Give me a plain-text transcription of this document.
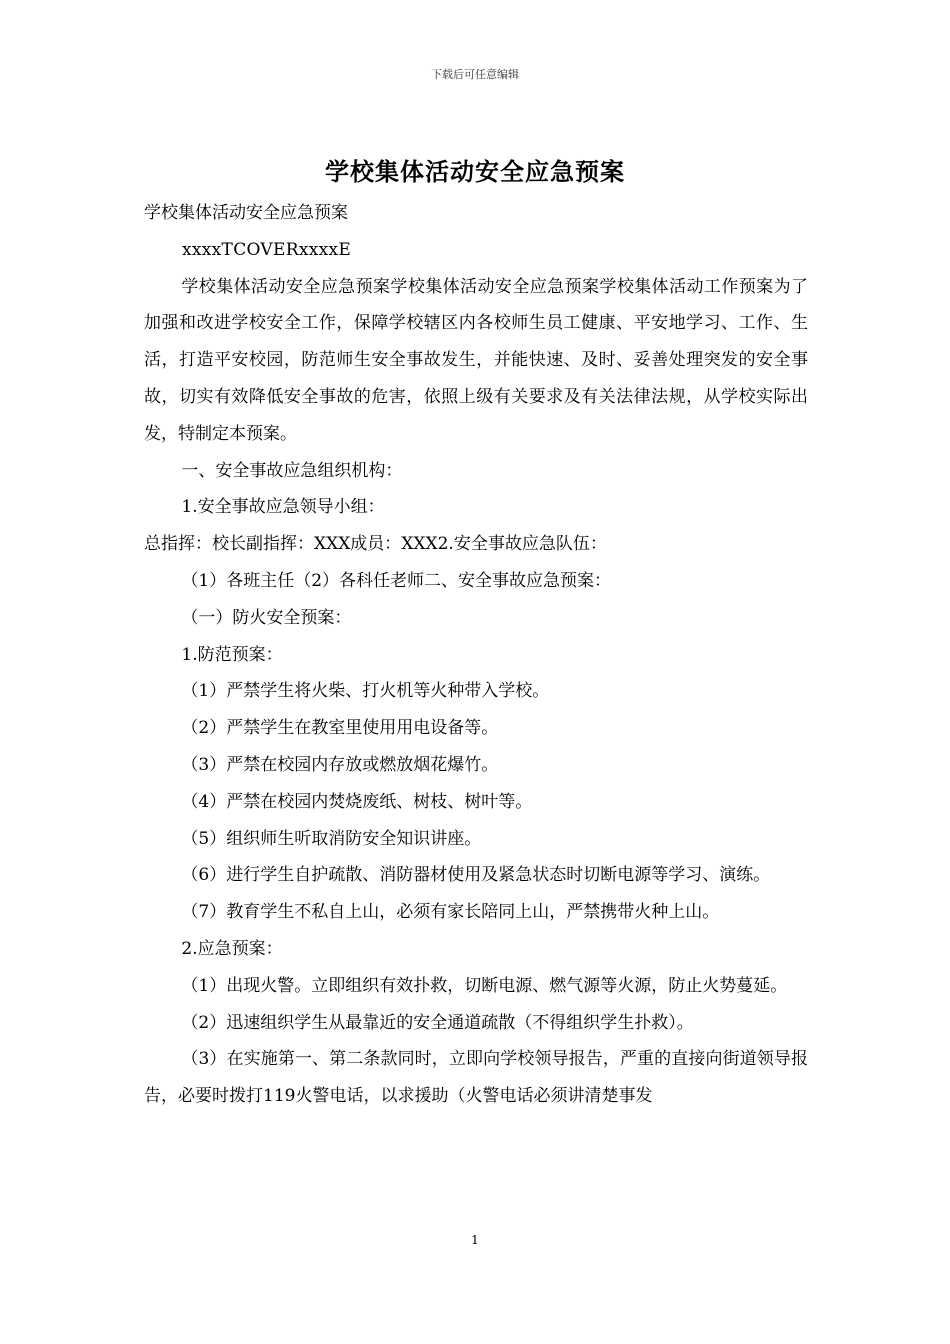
下载后可任意编辑
学校集体活动安全应急预案

学校集体活动安全应急预案

xxxxTCOVERxxxxE

学校集体活动安全应急预案学校集体活动安全应急预案学校集体活动工作预案为了加强和改进学校安全工作，保障学校辖区内各校师生员工健康、平安地学习、工作、生活，打造平安校园，防范师生安全事故发生，并能快速、及时、妥善处理突发的安全事故，切实有效降低安全事故的危害，依照上级有关要求及有关法律法规，从学校实际出发，特制定本预案。

一、安全事故应急组织机构：

1.安全事故应急领导小组：

总指挥：校长副指挥：XXX成员：XXX2.安全事故应急队伍：

（1）各班主任（2）各科任老师二、安全事故应急预案：

（一）防火安全预案：

1.防范预案：

（1）严禁学生将火柴、打火机等火种带入学校。

（2）严禁学生在教室里使用用电设备等。

（3）严禁在校园内存放或燃放烟花爆竹。

（4）严禁在校园内焚烧废纸、树枝、树叶等。

（5）组织师生听取消防安全知识讲座。

（6）进行学生自护疏散、消防器材使用及紧急状态时切断电源等学习、演练。

（7）教育学生不私自上山，必须有家长陪同上山，严禁携带火种上山。

2.应急预案：

（1）出现火警。立即组织有效扑救，切断电源、燃气源等火源，防止火势蔓延。

（2）迅速组织学生从最靠近的安全通道疏散（不得组织学生扑救）。

（3）在实施第一、第二条款同时，立即向学校领导报告，严重的直接向街道领导报告，必要时拨打119火警电话，以求援助（火警电话必须讲清楚事发

1
